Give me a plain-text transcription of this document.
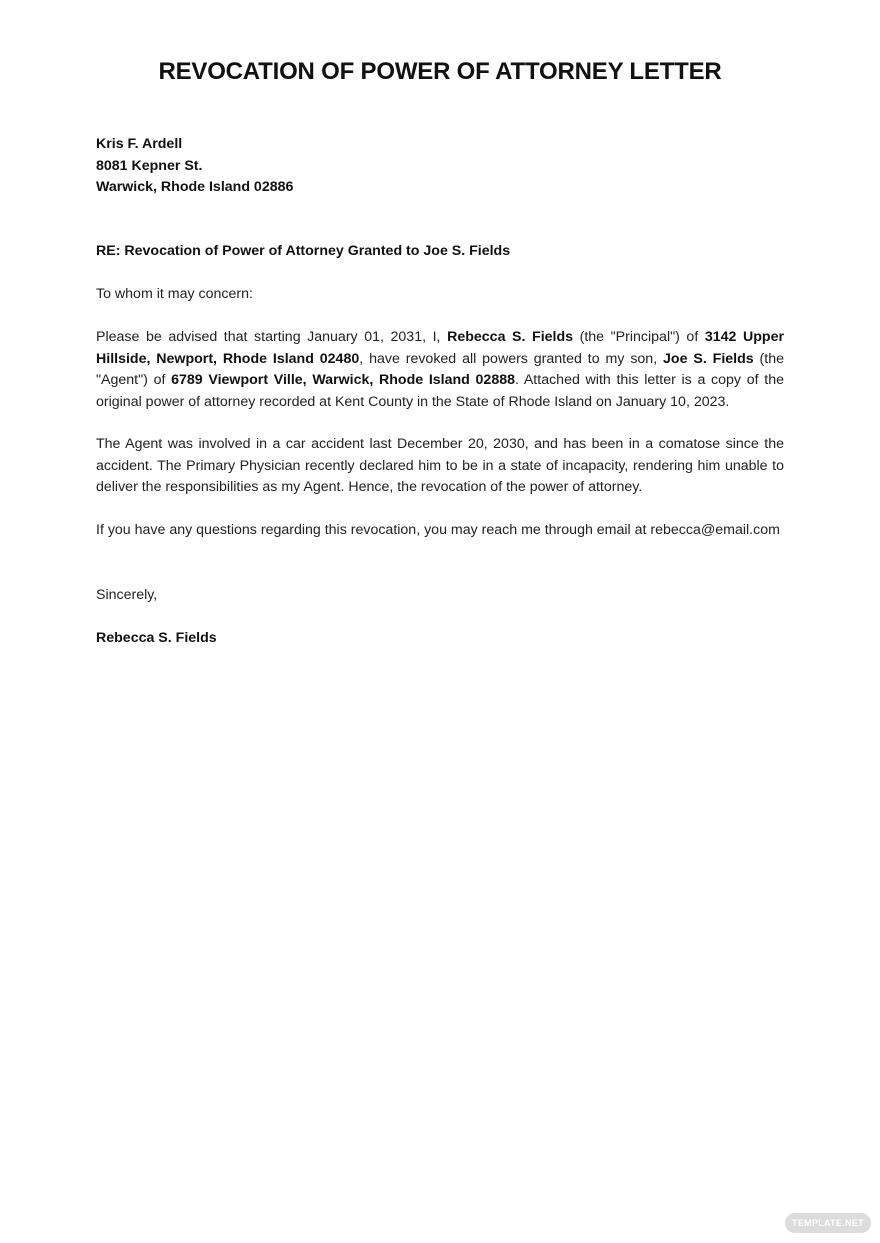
REVOCATION OF POWER OF ATTORNEY LETTER
Kris F. Ardell
8081 Kepner St.
Warwick, Rhode Island 02886
RE: Revocation of Power of Attorney Granted to Joe S. Fields
To whom it may concern:
Please be advised that starting January 01, 2031, I, Rebecca S. Fields (the "Principal") of 3142 Upper Hillside, Newport, Rhode Island 02480, have revoked all powers granted to my son, Joe S. Fields (the "Agent") of 6789 Viewport Ville, Warwick, Rhode Island 02888. Attached with this letter is a copy of the original power of attorney recorded at Kent County in the State of Rhode Island on January 10, 2023.
The Agent was involved in a car accident last December 20, 2030, and has been in a comatose since the accident. The Primary Physician recently declared him to be in a state of incapacity, rendering him unable to deliver the responsibilities as my Agent. Hence, the revocation of the power of attorney.
If you have any questions regarding this revocation, you may reach me through email at rebecca@email.com
Sincerely,
Rebecca S. Fields
TEMPLATE.NET
